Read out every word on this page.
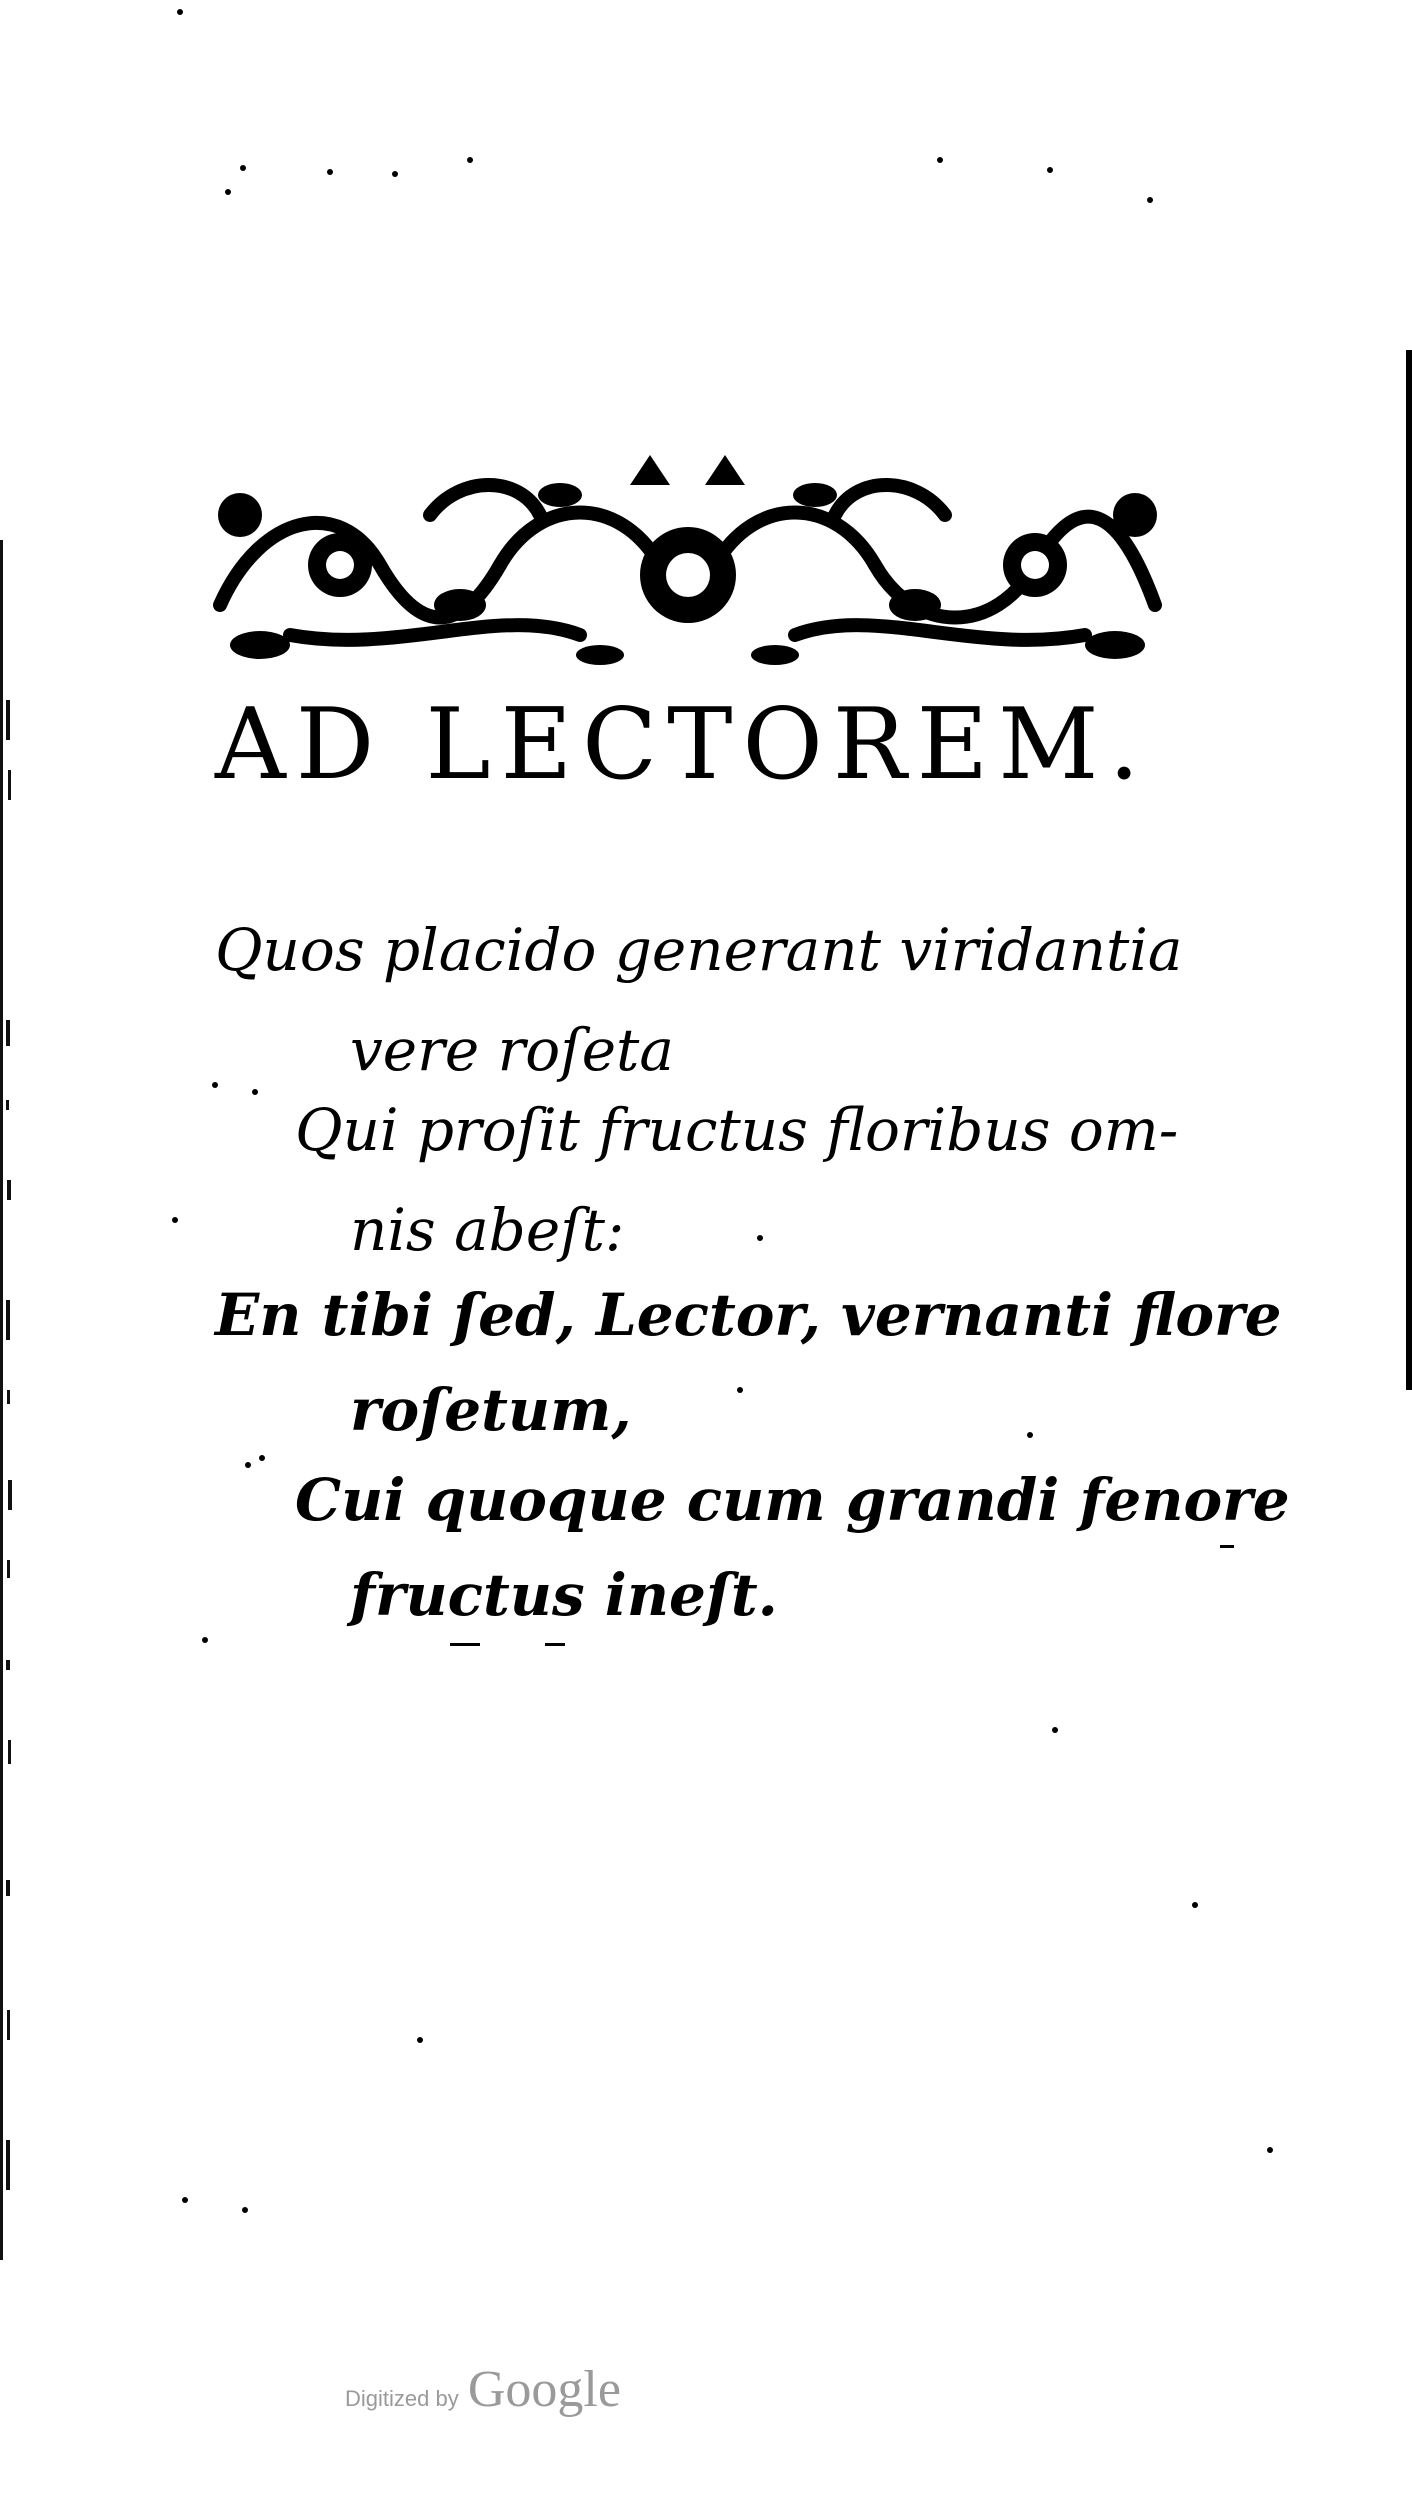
AD LECTOREM.
Quos placido generant viridantia
vere roſeta
Qui proſit fructus floribus om-
nis abeſt:
En tibi ſed, Lector, vernanti flore
roſetum,
Cui quoque cum grandi fenore
fructus ineſt.
Digitized by Google
